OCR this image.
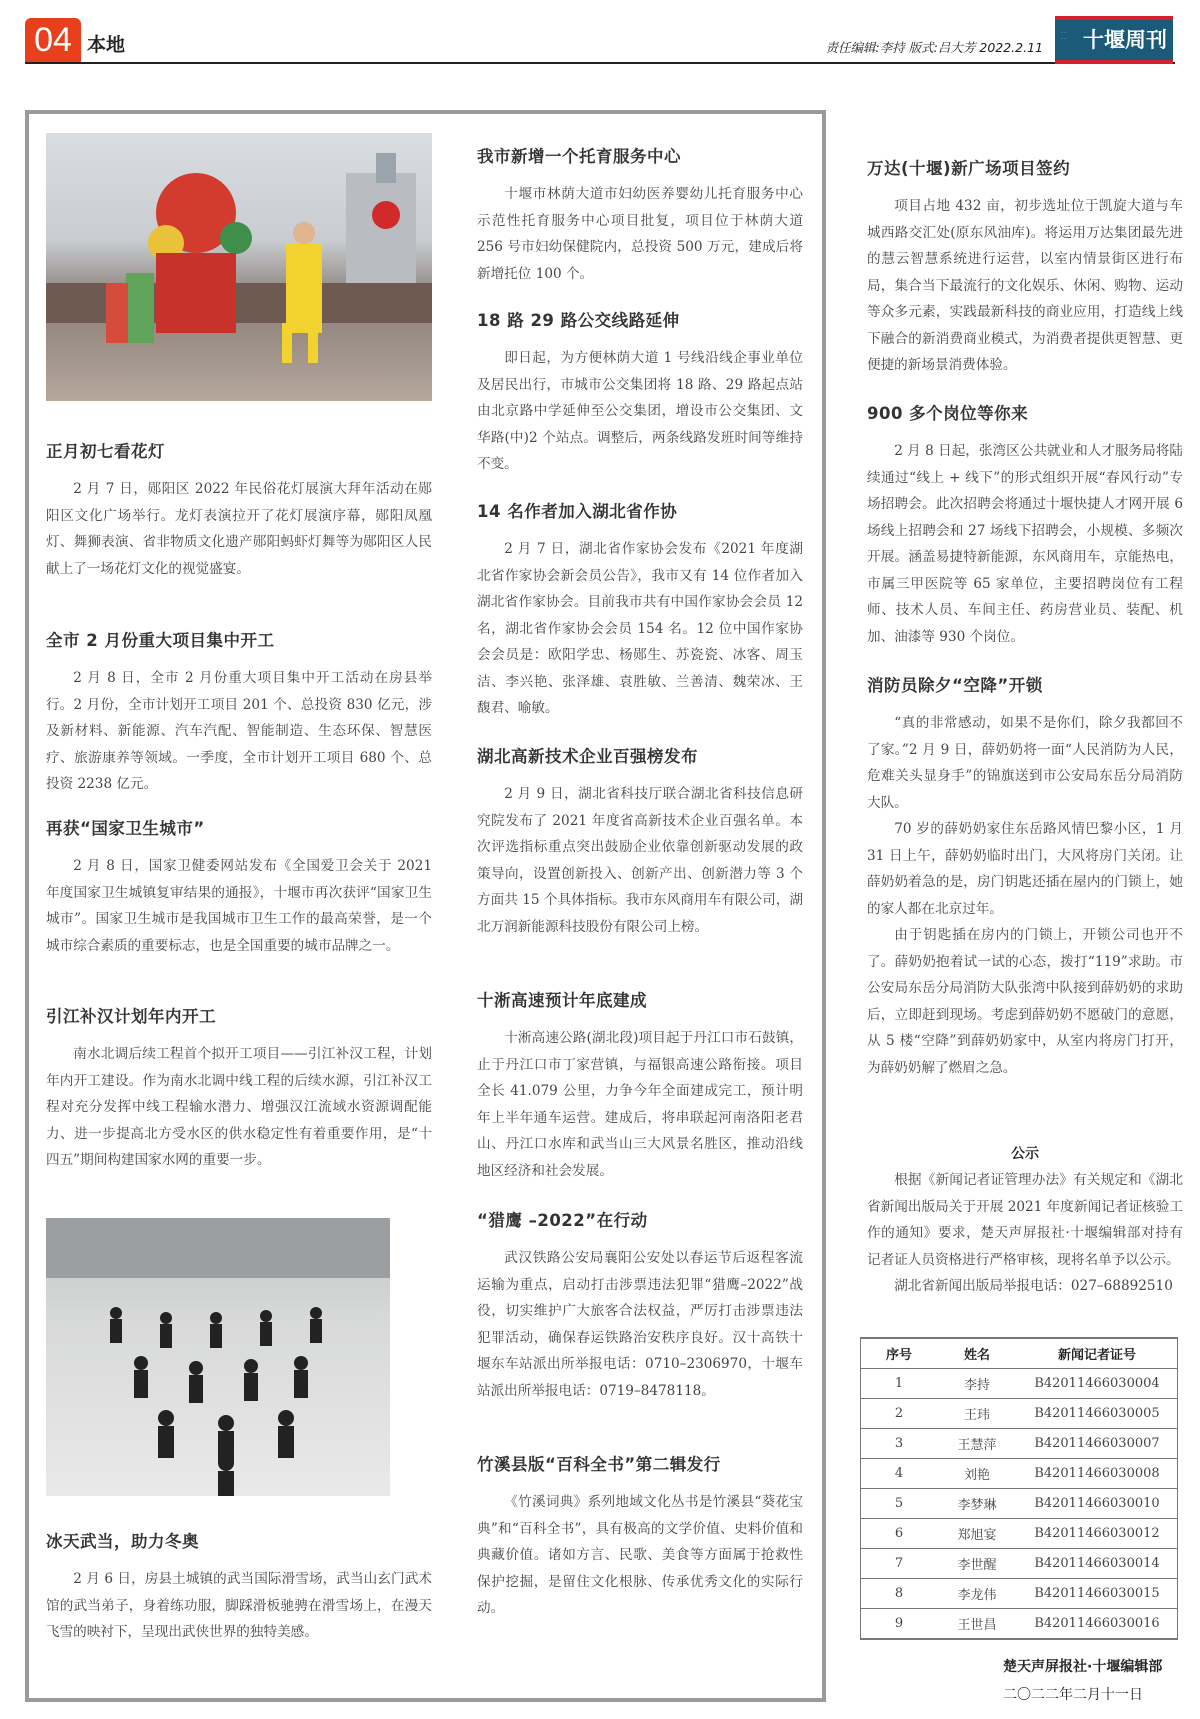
04 本地	责任编辑:李持 版式:吕大芳 2022.2.11
· · · · 十堰周刊
正月初七看花灯

2 月 7 日，郧阳区 2022 年民俗花灯展演大拜年活动在郧阳区文化广场举行。龙灯表演拉开了花灯展演序幕，郧阳凤凰灯、舞狮表演、省非物质文化遗产郧阳蚂虾灯舞等为郧阳区人民献上了一场花灯文化的视觉盛宴。

全市 2 月份重大项目集中开工

2 月 8 日，全市 2 月份重大项目集中开工活动在房县举行。2 月份，全市计划开工项目 201 个、总投资 830 亿元，涉及新材料、新能源、汽车汽配、智能制造、生态环保、智慧医疗、旅游康养等领域。一季度，全市计划开工项目 680 个、总投资 2238 亿元。

再获“国家卫生城市”

2 月 8 日，国家卫健委网站发布《全国爱卫会关于 2021 年度国家卫生城镇复审结果的通报》，十堰市再次获评“国家卫生城市”。国家卫生城市是我国城市卫生工作的最高荣誉，是一个城市综合素质的重要标志，也是全国重要的城市品牌之一。

引江补汉计划年内开工

南水北调后续工程首个拟开工项目——引江补汉工程，计划年内开工建设。作为南水北调中线工程的后续水源，引江补汉工程对充分发挥中线工程输水潜力、增强汉江流域水资源调配能力、进一步提高北方受水区的供水稳定性有着重要作用，是“十四五”期间构建国家水网的重要一步。

冰天武当，助力冬奥

2 月 6 日，房县土城镇的武当国际滑雪场，武当山玄门武术馆的武当弟子，身着练功服，脚踩滑板驰骋在滑雪场上，在漫天飞雪的映衬下，呈现出武侠世界的独特美感。

我市新增一个托育服务中心

十堰市林荫大道市妇幼医养婴幼儿托育服务中心示范性托育服务中心项目批复，项目位于林荫大道 256 号市妇幼保健院内，总投资 500 万元，建成后将新增托位 100 个。

18 路 29 路公交线路延伸

即日起，为方便林荫大道 1 号线沿线企事业单位及居民出行，市城市公交集团将 18 路、29 路起点站由北京路中学延伸至公交集团，增设市公交集团、文华路(中)2 个站点。调整后，两条线路发班时间等维持不变。

14 名作者加入湖北省作协

2 月 7 日，湖北省作家协会发布《2021 年度湖北省作家协会新会员公告》，我市又有 14 位作者加入湖北省作家协会。目前我市共有中国作家协会会员 12 名，湖北省作家协会会员 154 名。12 位中国作家协会会员是：欧阳学忠、杨郧生、苏瓷瓷、冰客、周玉洁、李兴艳、张泽雄、袁胜敏、兰善清、魏荣冰、王馥君、喻敏。

湖北高新技术企业百强榜发布

2 月 9 日，湖北省科技厅联合湖北省科技信息研究院发布了 2021 年度省高新技术企业百强名单。本次评选指标重点突出鼓励企业依靠创新驱动发展的政策导向，设置创新投入、创新产出、创新潜力等 3 个方面共 15 个具体指标。我市东风商用车有限公司，湖北万润新能源科技股份有限公司上榜。

十淅高速预计年底建成

十淅高速公路(湖北段)项目起于丹江口市石鼓镇，止于丹江口市丁家营镇，与福银高速公路衔接。项目全长 41.079 公里，力争今年全面建成完工，预计明年上半年通车运营。建成后，将串联起河南洛阳老君山、丹江口水库和武当山三大风景名胜区，推动沿线地区经济和社会发展。

“猎鹰 –2022”在行动

武汉铁路公安局襄阳公安处以春运节后返程客流运输为重点，启动打击涉票违法犯罪“猎鹰–2022”战役，切实维护广大旅客合法权益，严厉打击涉票违法犯罪活动，确保春运铁路治安秩序良好。汉十高铁十堰东车站派出所举报电话：0710–2306970，十堰车站派出所举报电话：0719–8478118。

竹溪县版“百科全书”第二辑发行

《竹溪词典》系列地域文化丛书是竹溪县“葵花宝典”和“百科全书”，具有极高的文学价值、史料价值和典藏价值。诸如方言、民歌、美食等方面属于抢救性保护挖掘，是留住文化根脉、传承优秀文化的实际行动。

万达(十堰)新广场项目签约

项目占地 432 亩，初步选址位于凯旋大道与车城西路交汇处(原东风油库)。将运用万达集团最先进的慧云智慧系统进行运营，以室内情景街区进行布局，集合当下最流行的文化娱乐、休闲、购物、运动等众多元素，实践最新科技的商业应用，打造线上线下融合的新消费商业模式，为消费者提供更智慧、更便捷的新场景消费体验。

900 多个岗位等你来

2 月 8 日起，张湾区公共就业和人才服务局将陆续通过“线上 + 线下”的形式组织开展“春风行动”专场招聘会。此次招聘会将通过十堰快捷人才网开展 6 场线上招聘会和 27 场线下招聘会，小规模、多频次开展。涵盖易捷特新能源，东风商用车，京能热电，市属三甲医院等 65 家单位，主要招聘岗位有工程师、技术人员、车间主任、药房营业员、装配、机加、油漆等 930 个岗位。

消防员除夕“空降”开锁

“真的非常感动，如果不是你们，除夕我都回不了家。”2 月 9 日，薛奶奶将一面“人民消防为人民，危难关头显身手”的锦旗送到市公安局东岳分局消防大队。

70 岁的薛奶奶家住东岳路风情巴黎小区，1 月 31 日上午，薛奶奶临时出门，大风将房门关闭。让薛奶奶着急的是，房门钥匙还插在屋内的门锁上，她的家人都在北京过年。

由于钥匙插在房内的门锁上，开锁公司也开不了。薛奶奶抱着试一试的心态，拨打“119”求助。市公安局东岳分局消防大队张湾中队接到薛奶奶的求助后，立即赶到现场。考虑到薛奶奶不愿破门的意愿，从 5 楼“空降”到薛奶奶家中，从室内将房门打开，为薛奶奶解了燃眉之急。

公示

根据《新闻记者证管理办法》有关规定和《湖北省新闻出版局关于开展 2021 年度新闻记者证核验工作的通知》要求，楚天声屏报社·十堰编辑部对持有记者证人员资格进行严格审核，现将名单予以公示。

湖北省新闻出版局举报电话：027–68892510

序号	姓名	新闻记者证号
1	李持	B42011466030004
2	王玮	B42011466030005
3	王慧萍	B42011466030007
4	刘艳	B42011466030008
5	李梦琳	B42011466030010
6	郑旭宴	B42011466030012
7	李世醒	B42011466030014
8	李龙伟	B42011466030015
9	王世昌	B42011466030016
楚天声屏报社·十堰编辑部
二〇二二年二月十一日
